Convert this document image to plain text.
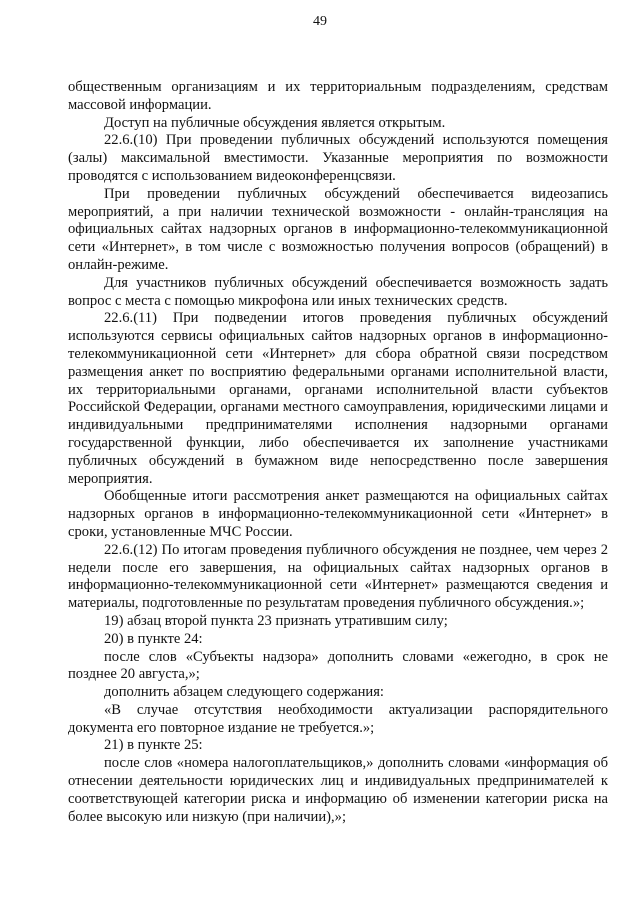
49

общественным организациям и их территориальным подразделениям, средствам массовой информации.

Доступ на публичные обсуждения является открытым.

22.6.(10) При проведении публичных обсуждений используются помещения (залы) максимальной вместимости. Указанные мероприятия по возможности проводятся с использованием видеоконференцсвязи.

При проведении публичных обсуждений обеспечивается видеозапись мероприятий, а при наличии технической возможности - онлайн-трансляция на официальных сайтах надзорных органов в информационно-телекоммуникационной сети «Интернет», в том числе с возможностью получения вопросов (обращений) в онлайн-режиме.

Для участников публичных обсуждений обеспечивается возможность задать вопрос с места с помощью микрофона или иных технических средств.

22.6.(11) При подведении итогов проведения публичных обсуждений используются сервисы официальных сайтов надзорных органов в информационно-телекоммуникационной сети «Интернет» для сбора обратной связи посредством размещения анкет по восприятию федеральными органами исполнительной власти, их территориальными органами, органами исполнительной власти субъектов Российской Федерации, органами местного самоуправления, юридическими лицами и индивидуальными предпринимателями исполнения надзорными органами государственной функции, либо обеспечивается их заполнение участниками публичных обсуждений в бумажном виде непосредственно после завершения мероприятия.

Обобщенные итоги рассмотрения анкет размещаются на официальных сайтах надзорных органов в информационно-телекоммуникационной сети «Интернет» в сроки, установленные МЧС России.

22.6.(12) По итогам проведения публичного обсуждения не позднее, чем через 2 недели после его завершения, на официальных сайтах надзорных органов в информационно-телекоммуникационной сети «Интернет» размещаются сведения и материалы, подготовленные по результатам проведения публичного обсуждения.»;

19) абзац второй пункта 23 признать утратившим силу;

20) в пункте 24:

после слов «Субъекты надзора» дополнить словами «ежегодно, в срок не позднее 20 августа,»;

дополнить абзацем следующего содержания:

«В случае отсутствия необходимости актуализации распорядительного документа его повторное издание не требуется.»;

21) в пункте 25:

после слов «номера налогоплательщиков,» дополнить словами «информация об отнесении деятельности юридических лиц и индивидуальных предпринимателей к соответствующей категории риска и информацию об изменении категории риска на более высокую или низкую (при наличии),»;
